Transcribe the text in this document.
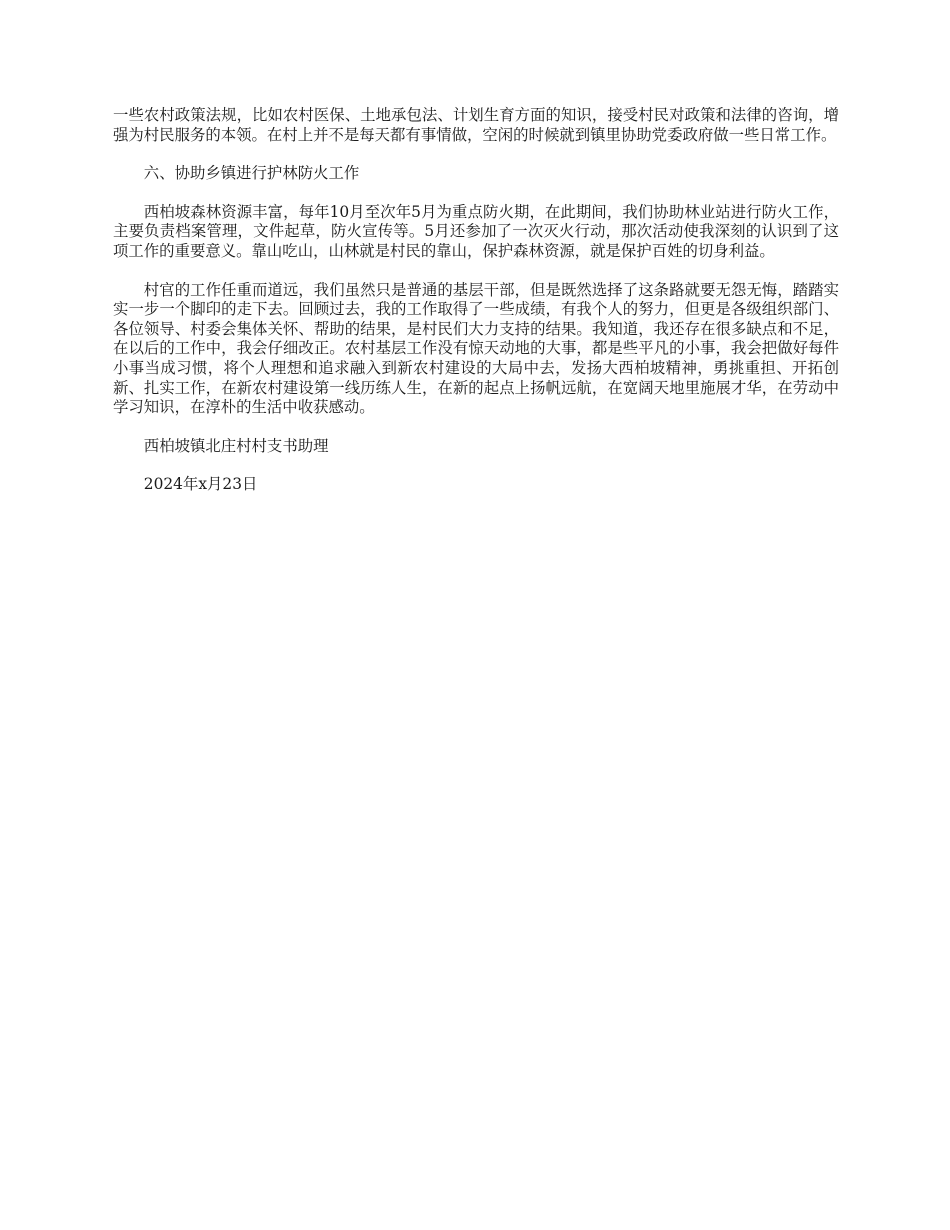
一些农村政策法规，比如农村医保、土地承包法、计划生育方面的知识，接受村民对政策和法律的咨询，增强为村民服务的本领。在村上并不是每天都有事情做，空闲的时候就到镇里协助党委政府做一些日常工作。

六、协助乡镇进行护林防火工作

西柏坡森林资源丰富，每年10月至次年5月为重点防火期，在此期间，我们协助林业站进行防火工作，主要负责档案管理，文件起草，防火宣传等。5月还参加了一次灭火行动，那次活动使我深刻的认识到了这项工作的重要意义。靠山吃山，山林就是村民的靠山，保护森林资源，就是保护百姓的切身利益。

村官的工作任重而道远，我们虽然只是普通的基层干部，但是既然选择了这条路就要无怨无悔，踏踏实实一步一个脚印的走下去。回顾过去，我的工作取得了一些成绩，有我个人的努力，但更是各级组织部门、各位领导、村委会集体关怀、帮助的结果，是村民们大力支持的结果。我知道，我还存在很多缺点和不足，在以后的工作中，我会仔细改正。农村基层工作没有惊天动地的大事，都是些平凡的小事，我会把做好每件小事当成习惯，将个人理想和追求融入到新农村建设的大局中去，发扬大西柏坡精神，勇挑重担、开拓创新、扎实工作，在新农村建设第一线历练人生，在新的起点上扬帆远航，在宽阔天地里施展才华，在劳动中学习知识，在淳朴的生活中收获感动。

西柏坡镇北庄村村支书助理

2024年x月23日
